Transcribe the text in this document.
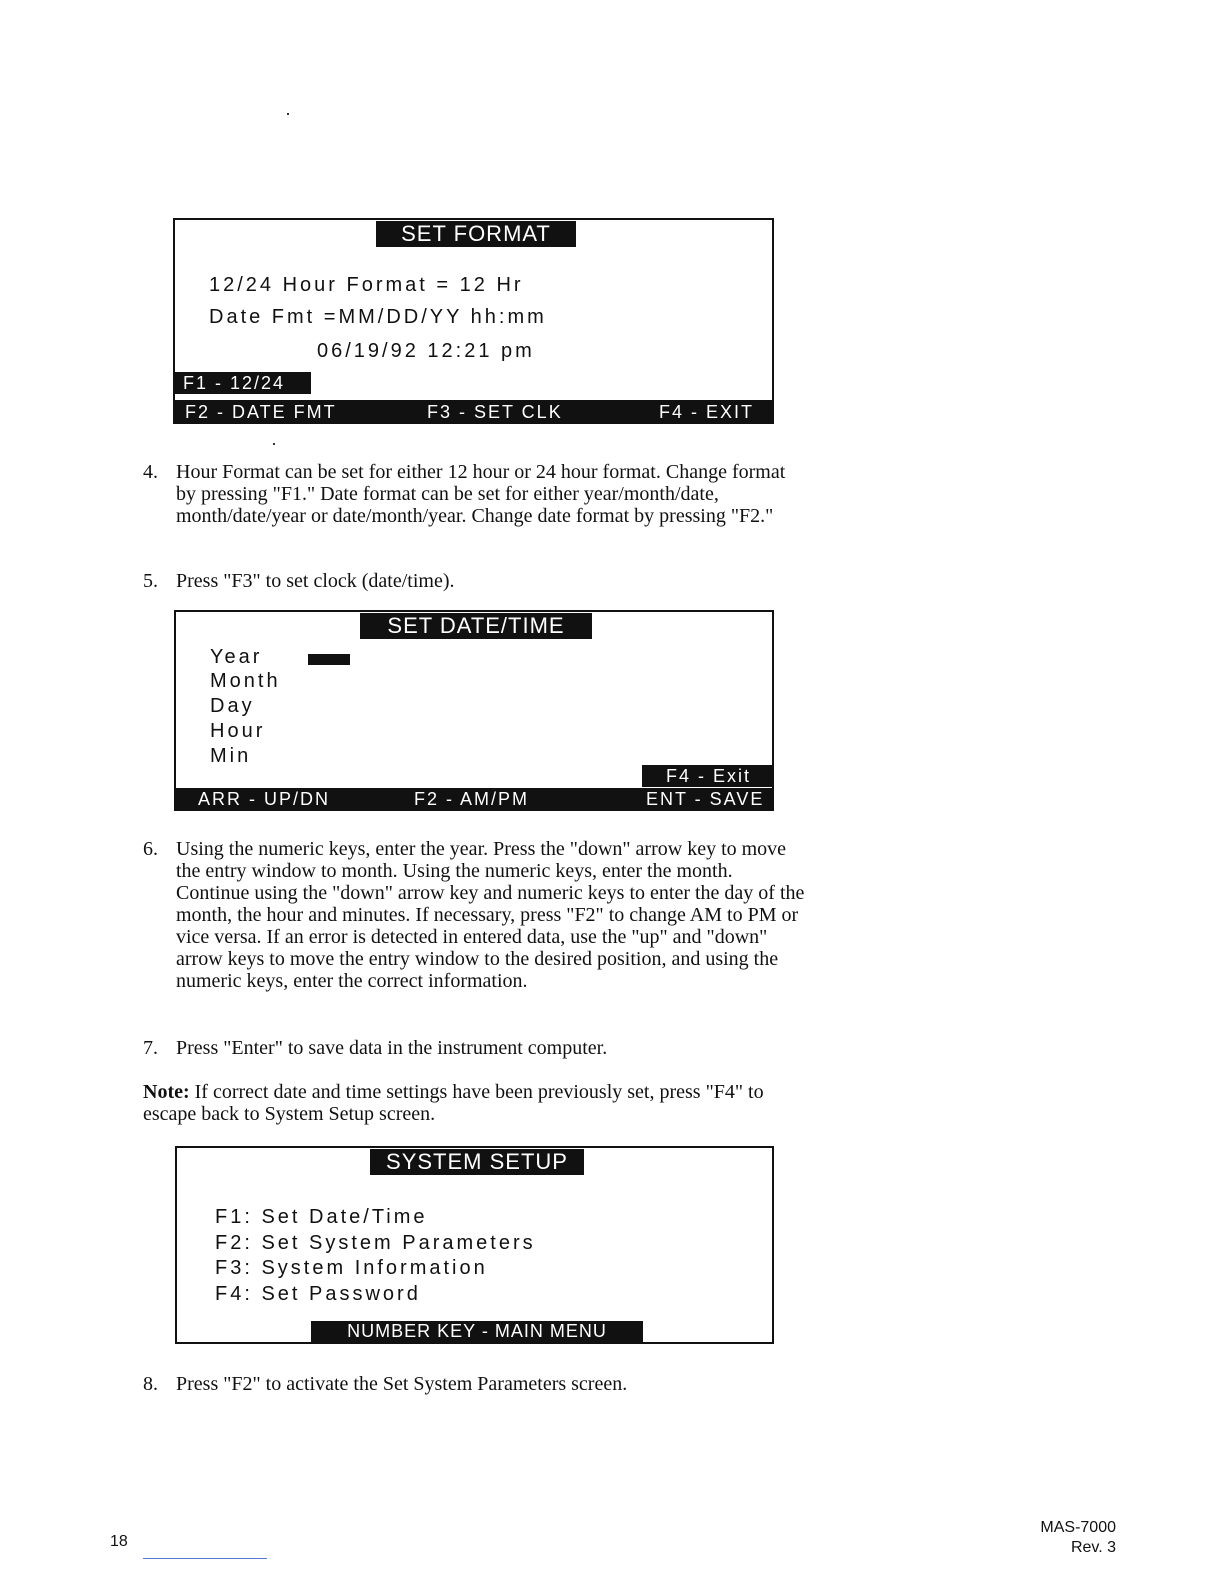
SET FORMAT
12/24 Hour Format = 12 Hr
Date Fmt =MM/DD/YY hh:mm
06/19/92 12:21 pm
F1 - 12/24
F2 - DATE FMT	F3 - SET CLK	F4 - EXIT
4. Hour Format can be set for either 12 hour or 24 hour format. Change format by pressing "F1." Date format can be set for either year/month/date, month/date/year or date/month/year. Change date format by pressing "F2."
5. Press "F3" to set clock (date/time).
SET DATE/TIME
Year
Month
Day
Hour
Min
F4 - Exit
ARR - UP/DN	F2 - AM/PM	ENT - SAVE
6. Using the numeric keys, enter the year. Press the "down" arrow key to move the entry window to month. Using the numeric keys, enter the month. Continue using the "down" arrow key and numeric keys to enter the day of the month, the hour and minutes. If necessary, press "F2" to change AM to PM or vice versa. If an error is detected in entered data, use the "up" and "down" arrow keys to move the entry window to the desired position, and using the numeric keys, enter the correct information.
7. Press "Enter" to save data in the instrument computer.
Note: If correct date and time settings have been previously set, press "F4" to escape back to System Setup screen.
SYSTEM SETUP
F1: Set Date/Time
F2: Set System Parameters
F3: System Information
F4: Set Password
NUMBER KEY - MAIN MENU
8. Press "F2" to activate the Set System Parameters screen.
18
MAS-7000
Rev. 3
